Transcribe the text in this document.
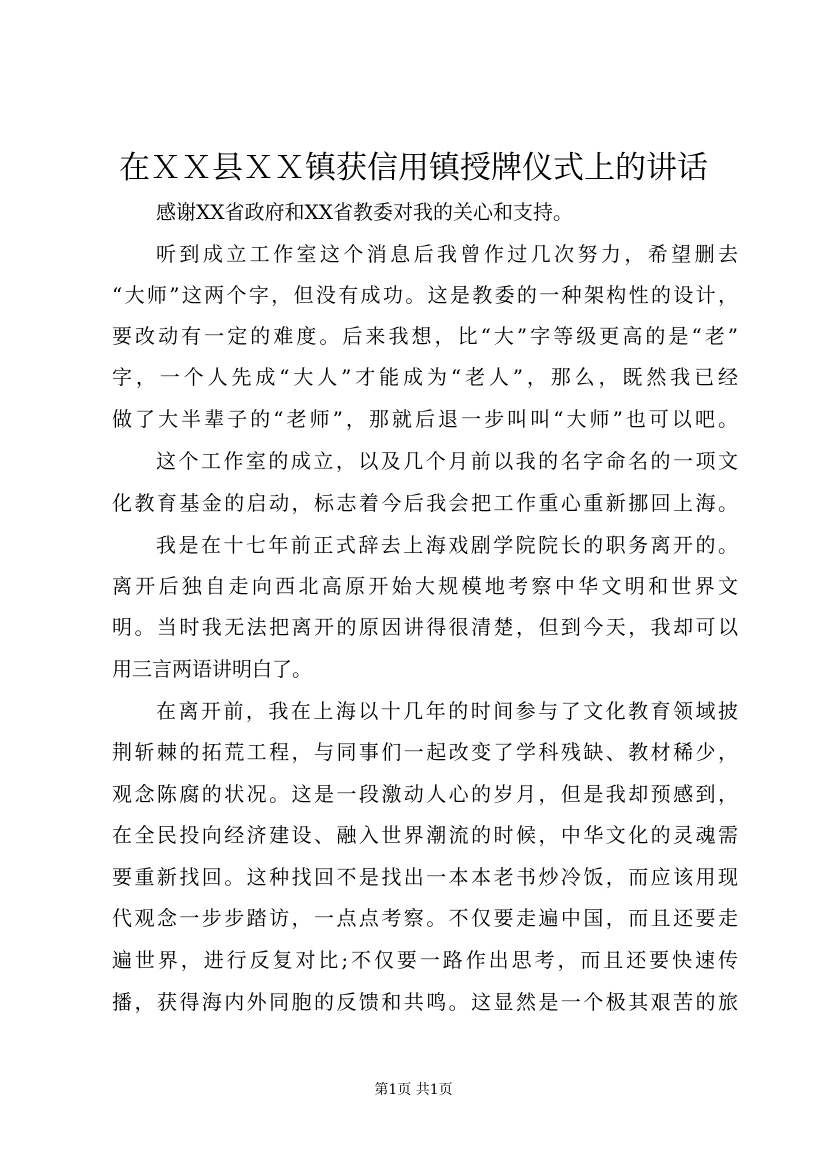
在ＸＸ县ＸＸ镇获信用镇授牌仪式上的讲话
感谢XX省政府和XX省教委对我的关心和支持。
听到成立工作室这个消息后我曾作过几次努力，希望删去
“大师”这两个字，但没有成功。这是教委的一种架构性的设计，
要改动有一定的难度。后来我想，比“大”字等级更高的是“老”
字，一个人先成“大人”才能成为“老人”，那么，既然我已经
做了大半辈子的“老师”，那就后退一步叫叫“大师”也可以吧。
这个工作室的成立，以及几个月前以我的名字命名的一项文
化教育基金的启动，标志着今后我会把工作重心重新挪回上海。
我是在十七年前正式辞去上海戏剧学院院长的职务离开的。
离开后独自走向西北高原开始大规模地考察中华文明和世界文
明。当时我无法把离开的原因讲得很清楚，但到今天，我却可以
用三言两语讲明白了。
在离开前，我在上海以十几年的时间参与了文化教育领域披
荆斩棘的拓荒工程，与同事们一起改变了学科残缺、教材稀少，
观念陈腐的状况。这是一段激动人心的岁月，但是我却预感到，
在全民投向经济建设、融入世界潮流的时候，中华文化的灵魂需
要重新找回。这种找回不是找出一本本老书炒冷饭，而应该用现
代观念一步步踏访，一点点考察。不仅要走遍中国，而且还要走
遍世界，进行反复对比;不仅要一路作出思考，而且还要快速传
播，获得海内外同胞的反馈和共鸣。这显然是一个极其艰苦的旅
第1页 共1页
